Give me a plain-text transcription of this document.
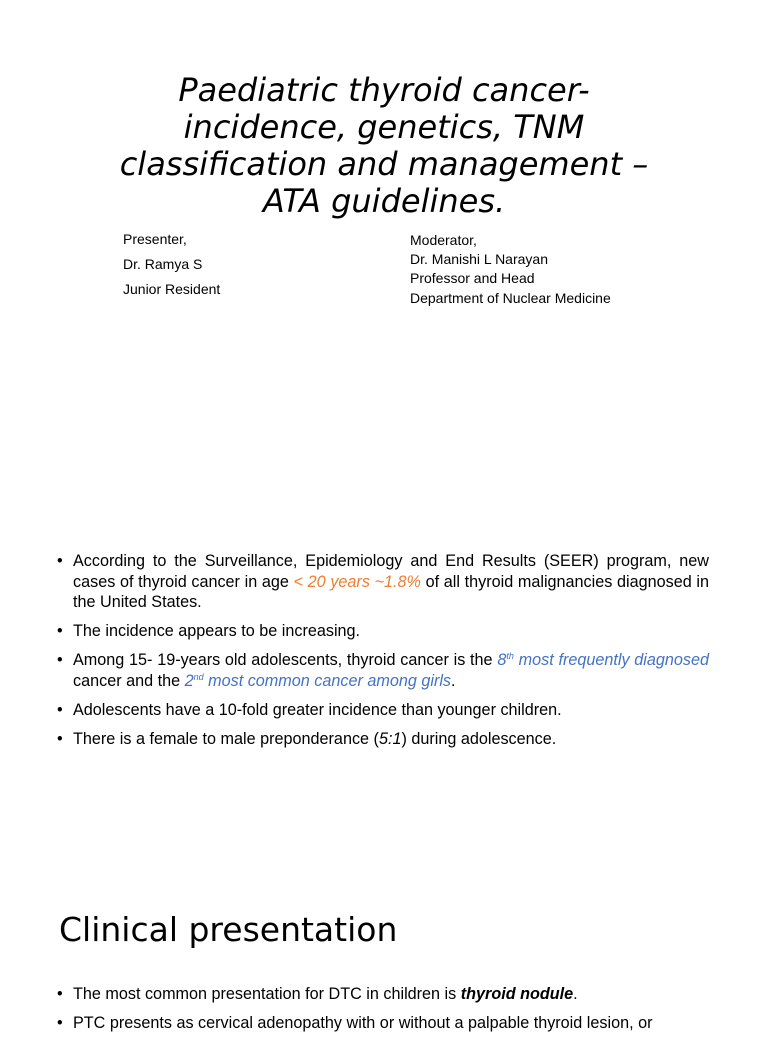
Paediatric thyroid cancer- incidence, genetics, TNM classification and management – ATA guidelines.
Presenter,
Dr. Ramya S
Junior Resident
Moderator,
Dr. Manishi L Narayan
Professor and Head
Department of Nuclear Medicine
• According to the Surveillance, Epidemiology and End Results (SEER) program, new cases of thyroid cancer in age < 20 years ~1.8% of all thyroid malignancies diagnosed in the United States.
• The incidence appears to be increasing.
• Among 15- 19-years old adolescents, thyroid cancer is the 8th most frequently diagnosed cancer and the 2nd most common cancer among girls.
• Adolescents have a 10-fold greater incidence than younger children.
• There is a female to male preponderance (5:1) during adolescence.
Clinical presentation
• The most common presentation for DTC in children is thyroid nodule.
• PTC presents as cervical adenopathy with or without a palpable thyroid lesion, or
